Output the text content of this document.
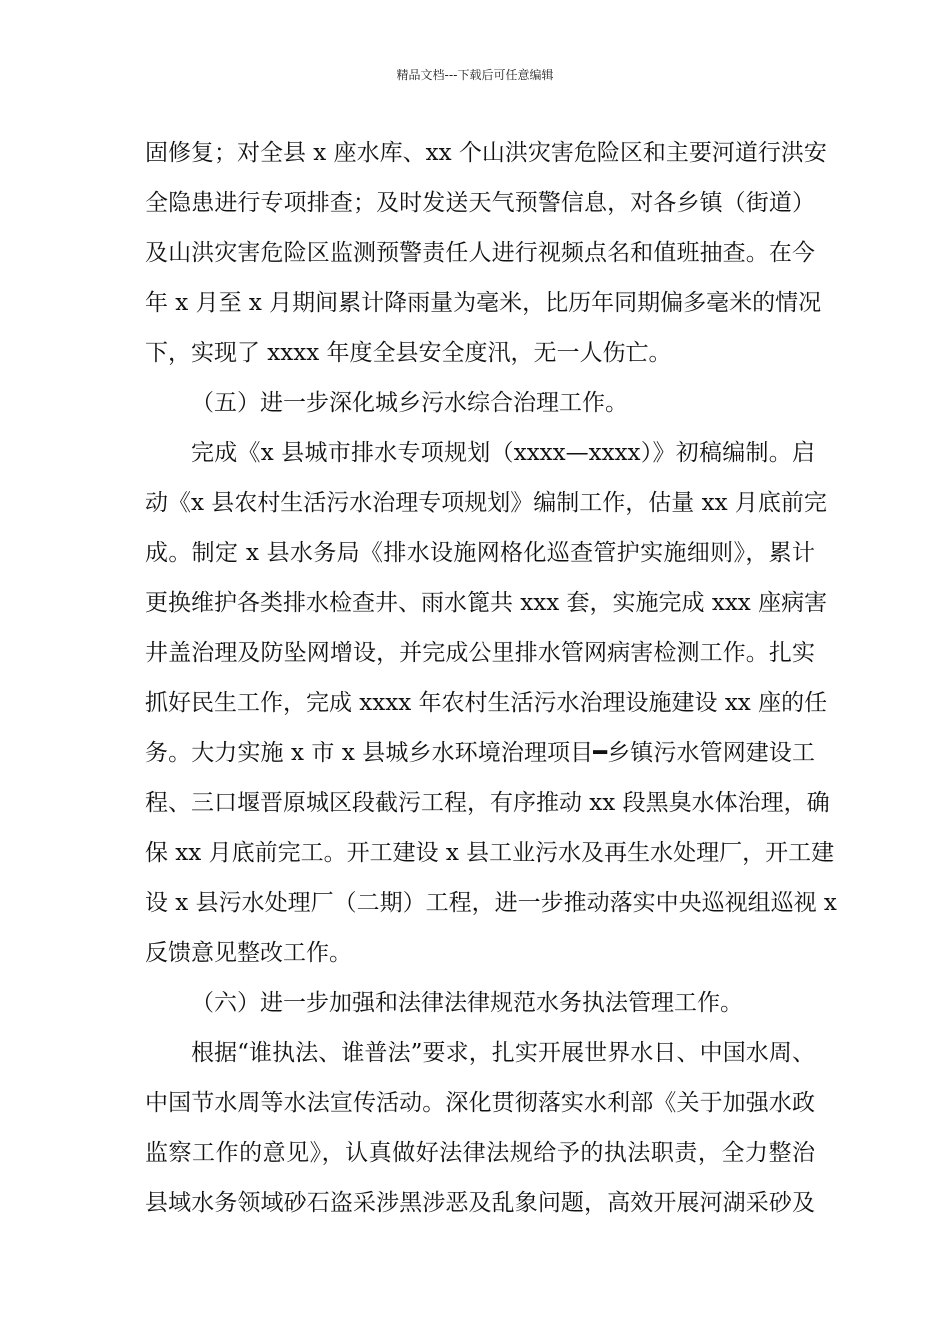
精品文档---下载后可任意编辑
固修复；对全县 x 座水库、xx 个山洪灾害危险区和主要河道行洪安
全隐患进行专项排查；及时发送天气预警信息，对各乡镇（街道）
及山洪灾害危险区监测预警责任人进行视频点名和值班抽查。在今
年 x 月至 x 月期间累计降雨量为毫米，比历年同期偏多毫米的情况
下，实现了 xxxx 年度全县安全度汛，无一人伤亡。
（五）进一步深化城乡污水综合治理工作。
完成《x 县城市排水专项规划（xxxx—xxxx）》初稿编制。启
动《x 县农村生活污水治理专项规划》编制工作，估量 xx 月底前完
成。制定 x 县水务局《排水设施网格化巡查管护实施细则》，累计
更换维护各类排水检查井、雨水篦共 xxx 套，实施完成 xxx 座病害
井盖治理及防坠网增设，并完成公里排水管网病害检测工作。扎实
抓好民生工作，完成 xxxx 年农村生活污水治理设施建设 xx 座的任
务。大力实施 x 市 x 县城乡水环境治理项目━乡镇污水管网建设工
程、三口堰晋原城区段截污工程，有序推动 xx 段黑臭水体治理，确
保 xx 月底前完工。开工建设 x 县工业污水及再生水处理厂，开工建
设 x 县污水处理厂（二期）工程，进一步推动落实中央巡视组巡视 x
反馈意见整改工作。
（六）进一步加强和法律法律规范水务执法管理工作。
根据“谁执法、谁普法”要求，扎实开展世界水日、中国水周、
中国节水周等水法宣传活动。深化贯彻落实水利部《关于加强水政
监察工作的意见》，认真做好法律法规给予的执法职责，全力整治
县域水务领域砂石盗采涉黑涉恶及乱象问题，高效开展河湖采砂及
